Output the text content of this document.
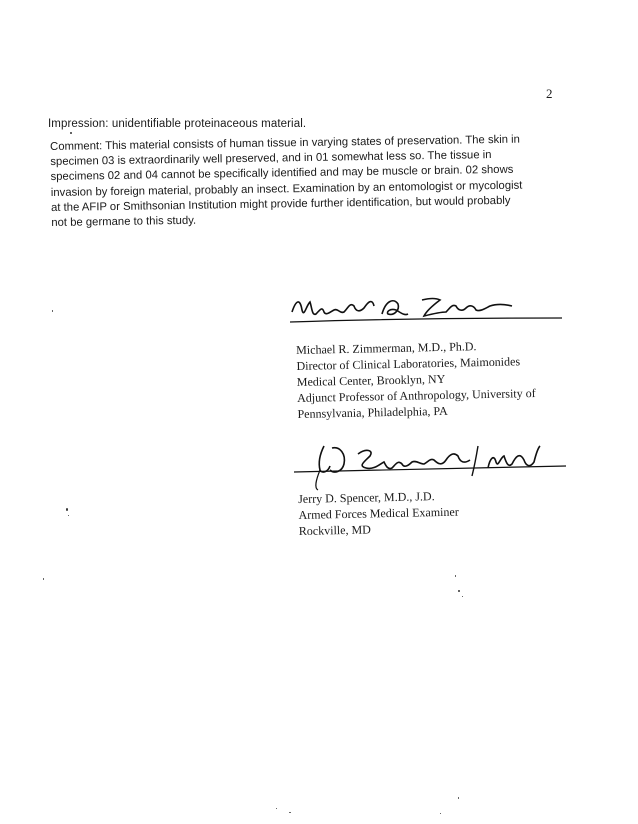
2
Impression: unidentifiable proteinaceous material.
Comment: This material consists of human tissue in varying states of preservation. The skin in
specimen 03 is extraordinarily well preserved, and in 01 somewhat less so. The tissue in
specimens 02 and 04 cannot be specifically identified and may be muscle or brain. 02 shows
invasion by foreign material, probably an insect. Examination by an entomologist or mycologist
at the AFIP or Smithsonian Institution might provide further identification, but would probably
not be germane to this study.
Michael R. Zimmerman, M.D., Ph.D.
Director of Clinical Laboratories, Maimonides
Medical Center, Brooklyn, NY
Adjunct Professor of Anthropology, University of
Pennsylvania, Philadelphia, PA
Jerry D. Spencer, M.D., J.D.
Armed Forces Medical Examiner
Rockville, MD
